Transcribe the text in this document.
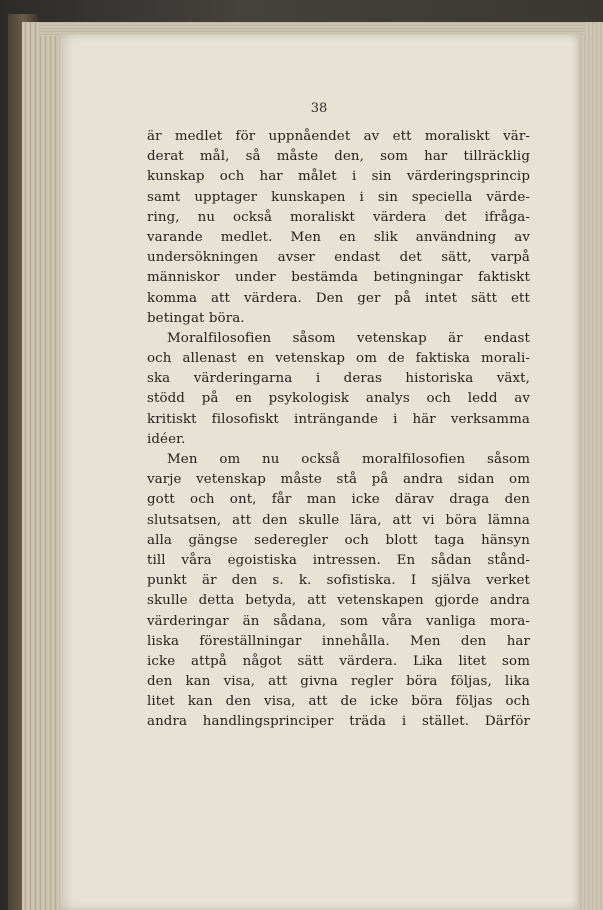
38
är medlet för uppnåendet av ett moraliskt vär-
derat mål, så måste den, som har tillräcklig
kunskap och har målet i sin värderingsprincip
samt upptager kunskapen i sin speciella värde-
ring, nu också moraliskt värdera det ifråga-
varande medlet. Men en slik användning av
undersökningen avser endast det sätt, varpå
människor under bestämda betingningar faktiskt
komma att värdera. Den ger på intet sätt ett
betingat böra.
Moralfilosofien såsom vetenskap är endast
och allenast en vetenskap om de faktiska morali-
ska värderingarna i deras historiska växt,
stödd på en psykologisk analys och ledd av
kritiskt filosofiskt inträngande i här verksamma
idéer.
Men om nu också moralfilosofien såsom
varje vetenskap måste stå på andra sidan om
gott och ont, får man icke därav draga den
slutsatsen, att den skulle lära, att vi böra lämna
alla gängse sederegler och blott taga hänsyn
till våra egoistiska intressen. En sådan stånd-
punkt är den s. k. sofistiska. I själva verket
skulle detta betyda, att vetenskapen gjorde andra
värderingar än sådana, som våra vanliga mora-
liska föreställningar innehålla. Men den har
icke attpå något sätt värdera. Lika litet som
den kan visa, att givna regler böra följas, lika
litet kan den visa, att de icke böra följas och
andra handlingsprinciper träda i stället. Därför
